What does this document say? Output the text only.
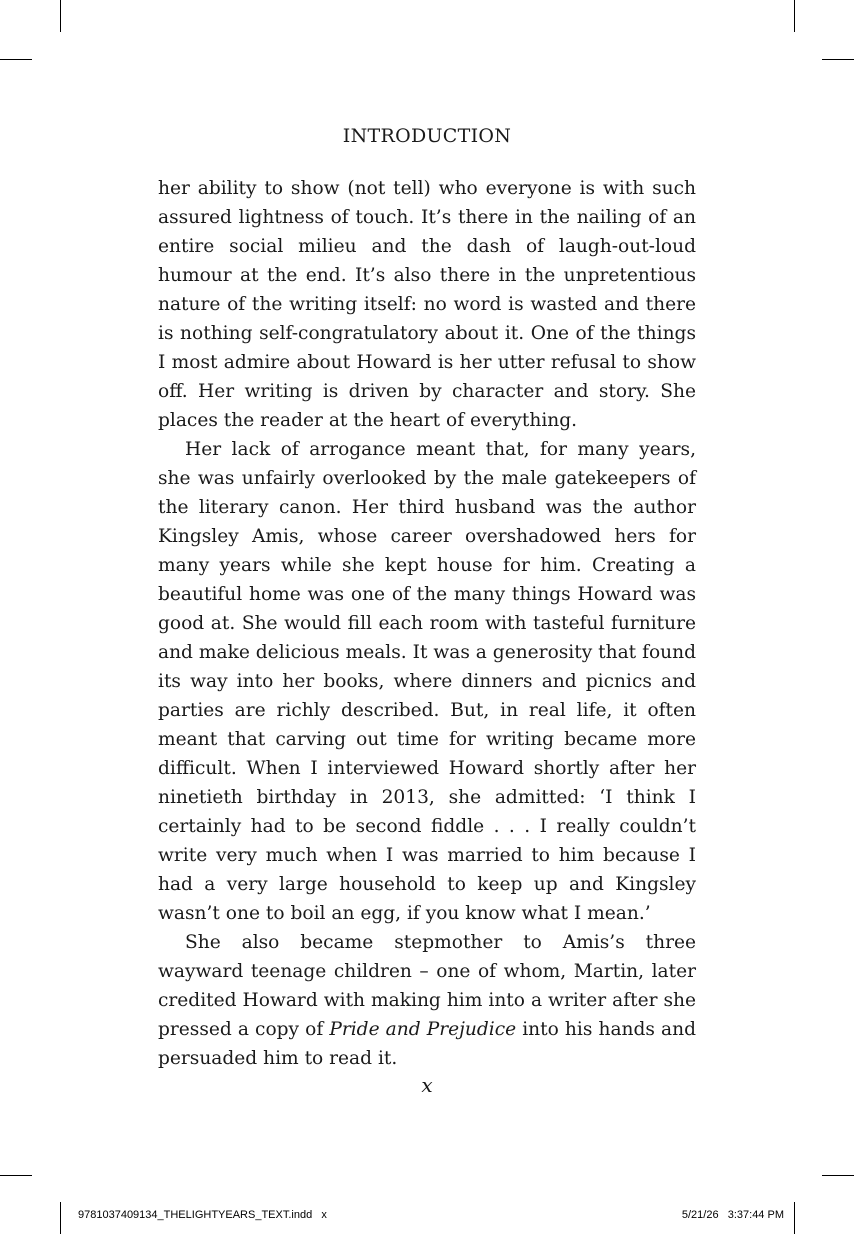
INTRODUCTION

her ability to show (not tell) who everyone is with such assured lightness of touch. It’s there in the nailing of an entire social milieu and the dash of laugh-out-loud humour at the end. It’s also there in the unpretentious nature of the writing itself: no word is wasted and there is nothing self-congratulatory about it. One of the things I most admire about Howard is her utter refusal to show off. Her writing is driven by character and story. She places the reader at the heart of everything.

Her lack of arrogance meant that, for many years, she was unfairly overlooked by the male gatekeepers of the literary canon. Her third husband was the author Kingsley Amis, whose career overshadowed hers for many years while she kept house for him. Creating a beautiful home was one of the many things Howard was good at. She would fill each room with tasteful furniture and make delicious meals. It was a generosity that found its way into her books, where dinners and picnics and parties are richly described. But, in real life, it often meant that carving out time for writing became more difficult. When I interviewed Howard shortly after her ninetieth birthday in 2013, she admitted: ‘I think I certainly had to be second fiddle . . . I really couldn’t write very much when I was married to him because I had a very large household to keep up and Kingsley wasn’t one to boil an egg, if you know what I mean.’

She also became stepmother to Amis’s three wayward teenage children – one of whom, Martin, later credited Howard with making him into a writer after she pressed a copy of Pride and Prejudice into his hands and persuaded him to read it.

x
9781037409134_THELIGHTYEARS_TEXT.indd   x	5/21/26   3:37:44 PM
